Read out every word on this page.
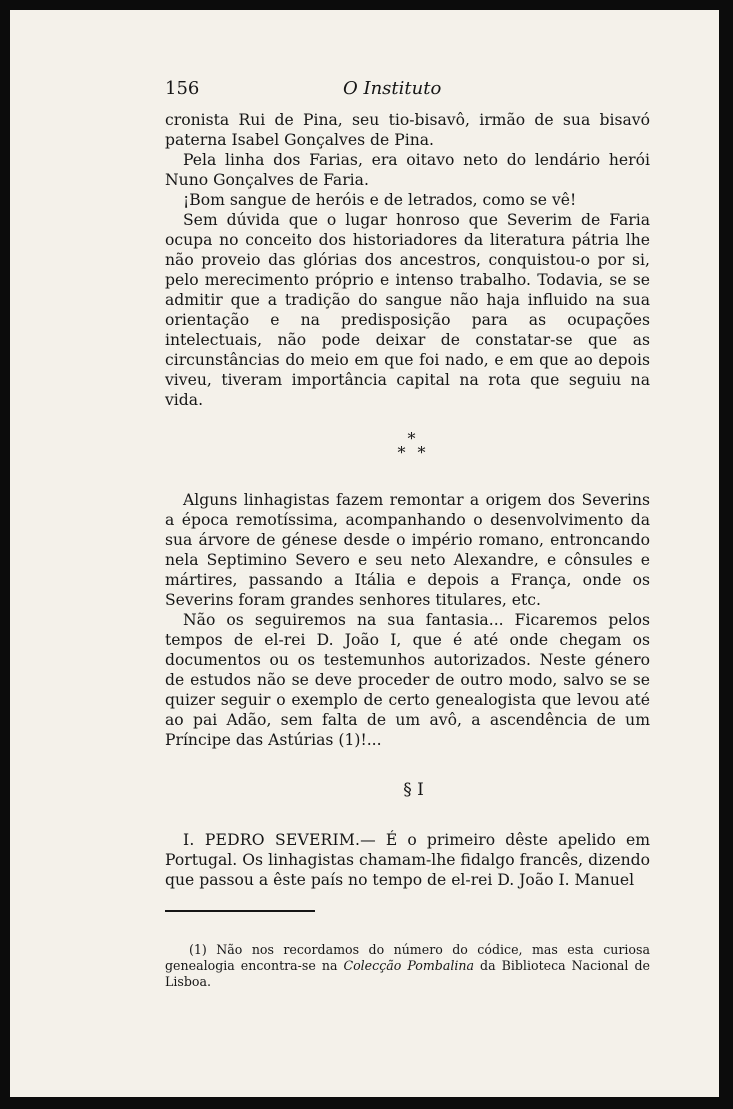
156	O Instituto

cronista Rui de Pina, seu tio-bisavô, irmão de sua bisavó paterna Isabel Gonçalves de Pina.

Pela linha dos Farias, era oitavo neto do lendário herói Nuno Gonçalves de Faria.

¡Bom sangue de heróis e de letrados, como se vê!

Sem dúvida que o lugar honroso que Severim de Faria ocupa no conceito dos historiadores da literatura pátria lhe não proveio das glórias dos ancestros, conquistou-o por si, pelo merecimento próprio e intenso trabalho. Todavia, se se admitir que a tradição do sangue não haja influido na sua orientação e na predisposição para as ocupações intelectuais, não pode deixar de constatar-se que as circunstâncias do meio em que foi nado, e em que ao depois viveu, tiveram importância capital na rota que seguiu na vida.

*
* *

Alguns linhagistas fazem remontar a origem dos Severins a época remotíssima, acompanhando o desenvolvimento da sua árvore de génese desde o império romano, entroncando nela Septimino Severo e seu neto Alexandre, e cônsules e mártires, passando a Itália e depois a França, onde os Severins foram grandes senhores titulares, etc.

Não os seguiremos na sua fantasia... Ficaremos pelos tempos de el-rei D. João I, que é até onde chegam os documentos ou os testemunhos autorizados. Neste género de estudos não se deve proceder de outro modo, salvo se se quizer seguir o exemplo de certo genealogista que levou até ao pai Adão, sem falta de um avô, a ascendência de um Príncipe das Astúrias (1)!...

§ I

I. PEDRO SEVERIM.— É o primeiro dêste apelido em Portugal. Os linhagistas chamam-lhe fidalgo francês, dizendo que passou a êste país no tempo de el-rei D. João I. Manuel

(1) Não nos recordamos do número do códice, mas esta curiosa genealogia encontra-se na Colecção Pombalina da Biblioteca Nacional de Lisboa.
